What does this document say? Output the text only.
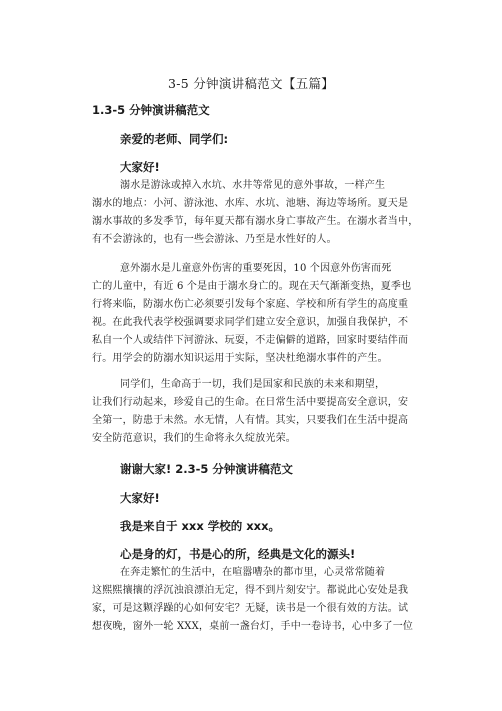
3-5 分钟演讲稿范文【五篇】
1.3-5 分钟演讲稿范文
亲爱的老师、同学们:
大家好!

溺水是游泳或掉入水坑、水井等常见的意外事故，一样产生

溺水的地点：小河、游泳池、水库、水坑、池塘、海边等场所。夏天是

溺水事故的多发季节，每年夏天都有溺水身亡事故产生。在溺水者当中，

有不会游泳的，也有一些会游泳、乃至是水性好的人。

意外溺水是儿童意外伤害的重要死因，10 个因意外伤害而死

亡的儿童中，有近 6 个是由于溺水身亡的。现在天气渐渐变热，夏季也

行将来临，防溺水伤亡必须要引发每个家庭、学校和所有学生的高度重

视。在此我代表学校强调要求同学们建立安全意识，加强自我保护，不

私自一个人或结伴下河游泳、玩耍，不走偏僻的道路，回家时要结伴而

行。用学会的防溺水知识运用于实际，坚决杜绝溺水事件的产生。

同学们，生命高于一切，我们是国家和民族的未来和期望，

让我们行动起来，珍爱自己的生命。在日常生活中要提高安全意识，安

全第一，防患于未然。水无情，人有情。其实，只要我们在生活中提高

安全防范意识，我们的生命将永久绽放光荣。

谢谢大家! 2.3-5 分钟演讲稿范文
大家好!
我是来自于 xxx 学校的 xxx。
心是身的灯，书是心的所，经典是文化的源头!

在奔走繁忙的生活中，在喧嚣嘈杂的都市里，心灵常常随着

这熙熙攘攘的浮沉浊浪漂泊无定，得不到片刻安宁。都说此心安处是我

家，可是这颗浮躁的心如何安宅？无疑，读书是一个很有效的方法。试

想夜晚，窗外一轮 XXX，桌前一盏台灯，手中一卷诗书，心中多了一位
